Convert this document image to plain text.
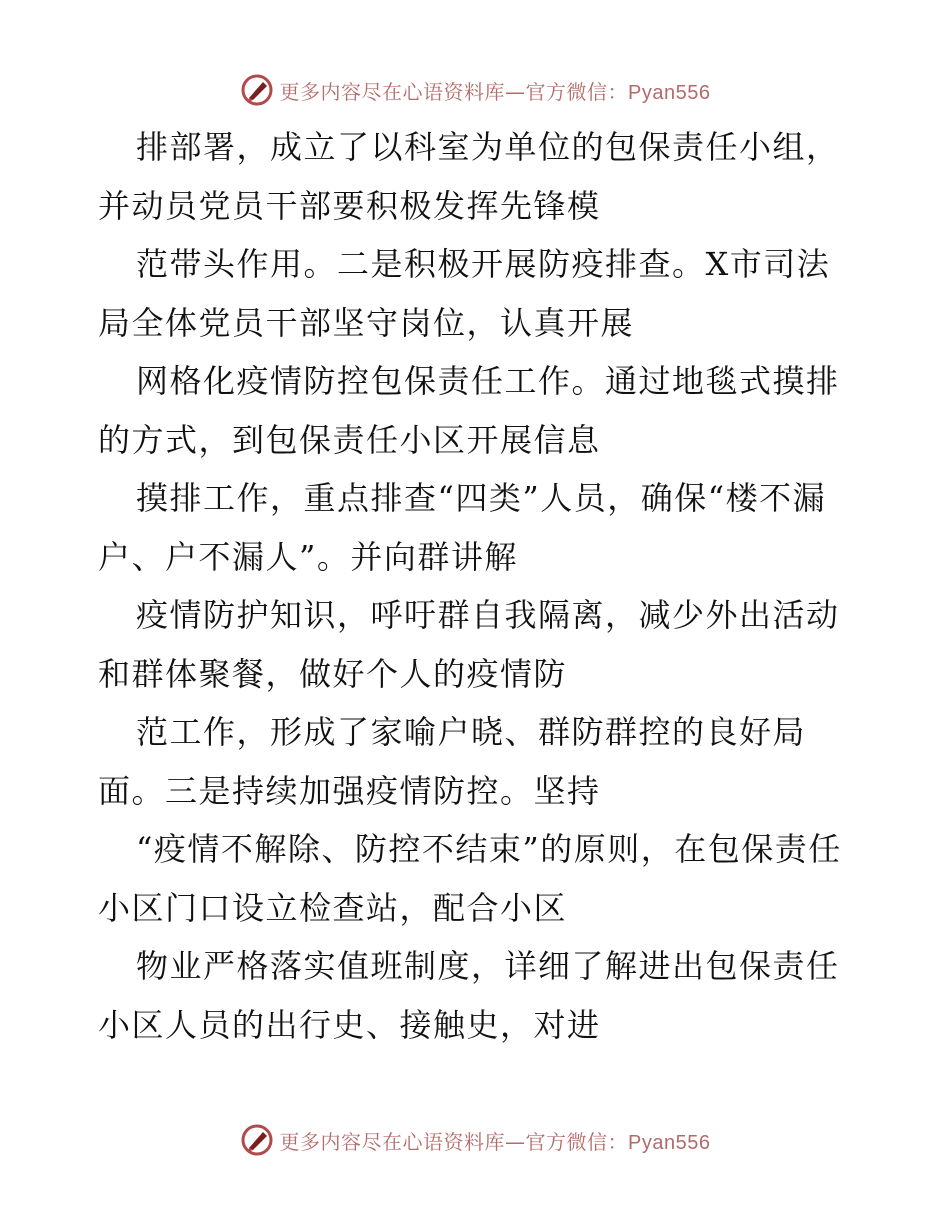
更多内容尽在心语资料库—官方微信：Pyan556

排部署，成立了以科室为单位的包保责任小组，并动员党员干部要积极发挥先锋模

范带头作用。二是积极开展防疫排查。X市司法局全体党员干部坚守岗位，认真开展

网格化疫情防控包保责任工作。通过地毯式摸排的方式，到包保责任小区开展信息

摸排工作，重点排查“四类”人员，确保“楼不漏户、户不漏人”。并向群讲解

疫情防护知识，呼吁群自我隔离，减少外出活动和群体聚餐，做好个人的疫情防

范工作，形成了家喻户晓、群防群控的良好局面。三是持续加强疫情防控。坚持

“疫情不解除、防控不结束”的原则，在包保责任小区门口设立检查站，配合小区

物业严格落实值班制度，详细了解进出包保责任小区人员的出行史、接触史，对进

更多内容尽在心语资料库—官方微信：Pyan556
